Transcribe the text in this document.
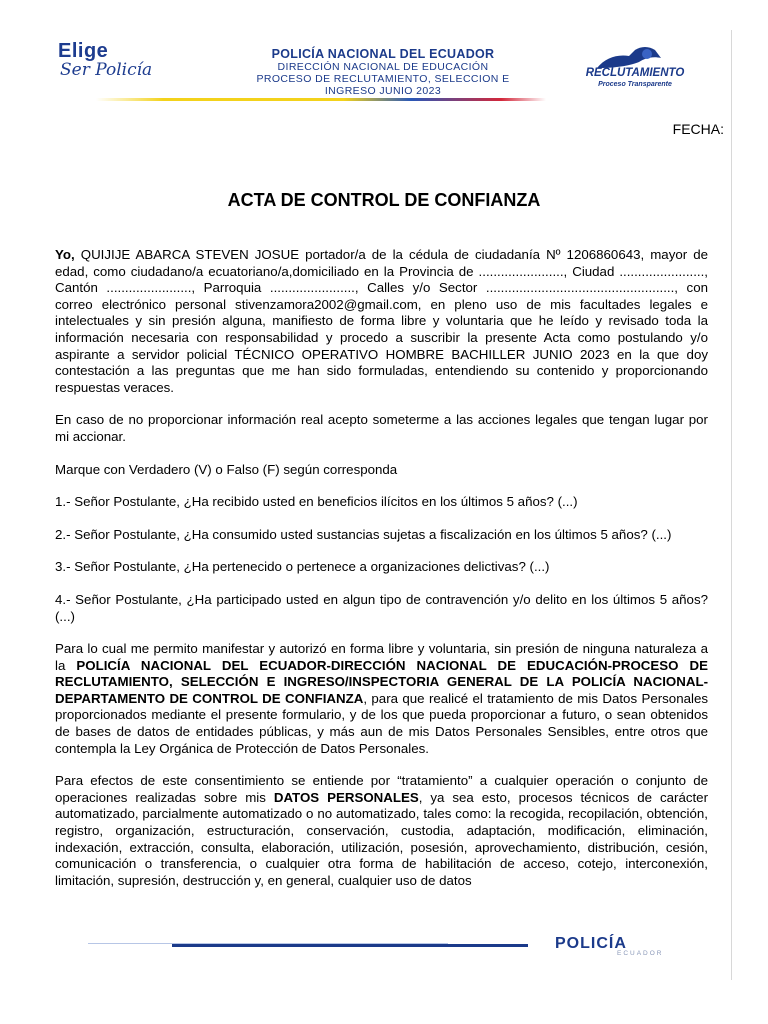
Elige
Ser Policía
POLICÍA NACIONAL DEL ECUADOR
DIRECCIÓN NACIONAL DE EDUCACIÓN
PROCESO DE RECLUTAMIENTO, SELECCION E
INGRESO JUNIO 2023
RECLUTAMIENTO
Proceso Transparente
FECHA:
ACTA DE CONTROL DE CONFIANZA

Yo, QUIJIJE ABARCA STEVEN JOSUE portador/a de la cédula de ciudadanía Nº 1206860643, mayor de edad, como ciudadano/a ecuatoriano/a,domiciliado en la Provincia de ......................., Ciudad ......................., Cantón ......................., Parroquia ......................., Calles y/o Sector ..................................................., con correo electrónico personal stivenzamora2002@gmail.com, en pleno uso de mis facultades legales e intelectuales y sin presión alguna, manifiesto de forma libre y voluntaria que he leído y revisado toda la información necesaria con responsabilidad y procedo a suscribir la presente Acta como postulando y/o aspirante a servidor policial TÉCNICO OPERATIVO HOMBRE BACHILLER JUNIO 2023 en la que doy contestación a las preguntas que me han sido formuladas, entendiendo su contenido y proporcionando respuestas veraces.

En caso de no proporcionar información real acepto someterme a las acciones legales que tengan lugar por mi accionar.

Marque con Verdadero (V) o Falso (F) según corresponda

1.- Señor Postulante, ¿Ha recibido usted en beneficios ilícitos en los últimos 5 años? (...)

2.- Señor Postulante, ¿Ha consumido usted sustancias sujetas a fiscalización en los últimos 5 años? (...)

3.- Señor Postulante, ¿Ha pertenecido o pertenece a organizaciones delictivas? (...)

4.- Señor Postulante, ¿Ha participado usted en algun tipo de contravención y/o delito en los últimos 5 años? (...)

Para lo cual me permito manifestar y autorizó en forma libre y voluntaria, sin presión de ninguna naturaleza a la POLICÍA NACIONAL DEL ECUADOR-DIRECCIÓN NACIONAL DE EDUCACIÓN-PROCESO DE RECLUTAMIENTO, SELECCIÓN E INGRESO/INSPECTORIA GENERAL DE LA POLICÍA NACIONAL-DEPARTAMENTO DE CONTROL DE CONFIANZA, para que realicé el tratamiento de mis Datos Personales proporcionados mediante el presente formulario, y de los que pueda proporcionar a futuro, o sean obtenidos de bases de datos de entidades públicas, y más aun de mis Datos Personales Sensibles, entre otros que contempla la Ley Orgánica de Protección de Datos Personales.

Para efectos de este consentimiento se entiende por “tratamiento” a cualquier operación o conjunto de operaciones realizadas sobre mis DATOS PERSONALES, ya sea esto, procesos técnicos de carácter automatizado, parcialmente automatizado o no automatizado, tales como: la recogida, recopilación, obtención, registro, organización, estructuración, conservación, custodia, adaptación, modificación, eliminación, indexación, extracción, consulta, elaboración, utilización, posesión, aprovechamiento, distribución, cesión, comunicación o transferencia, o cualquier otra forma de habilitación de acceso, cotejo, interconexión, limitación, supresión, destrucción y, en general, cualquier uso de datos

POLICÍA
ECUADOR
